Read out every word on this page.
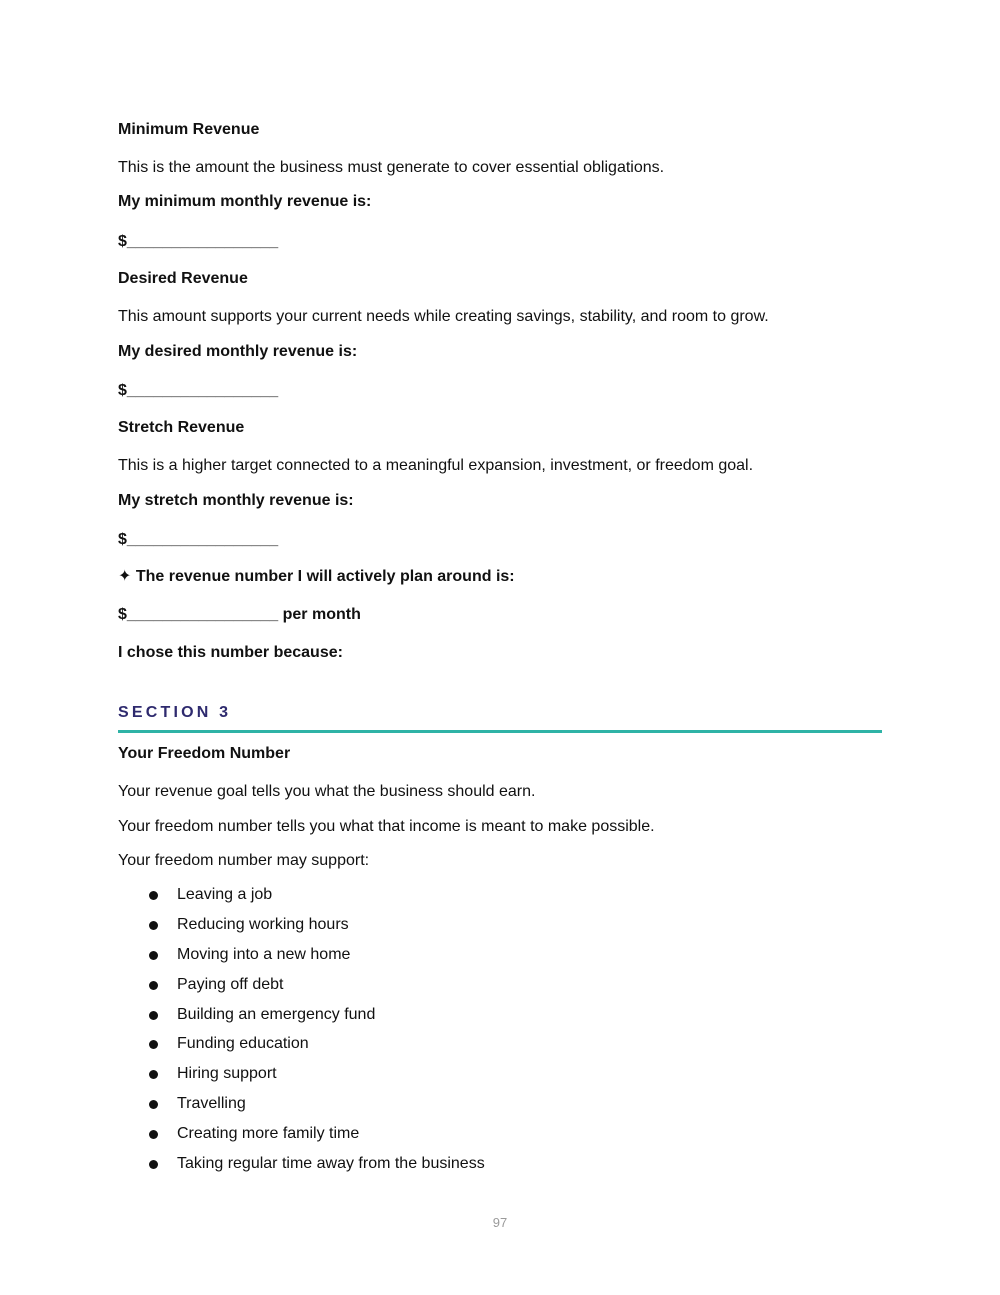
Minimum Revenue
This is the amount the business must generate to cover essential obligations.
My minimum monthly revenue is:
$_________________
Desired Revenue
This amount supports your current needs while creating savings, stability, and room to grow.
My desired monthly revenue is:
$_________________
Stretch Revenue
This is a higher target connected to a meaningful expansion, investment, or freedom goal.
My stretch monthly revenue is:
$_________________
✦ The revenue number I will actively plan around is:
$_________________ per month
I chose this number because:
SECTION 3
Your Freedom Number
Your revenue goal tells you what the business should earn.
Your freedom number tells you what that income is meant to make possible.
Your freedom number may support:
Leaving a job
Reducing working hours
Moving into a new home
Paying off debt
Building an emergency fund
Funding education
Hiring support
Travelling
Creating more family time
Taking regular time away from the business
97
